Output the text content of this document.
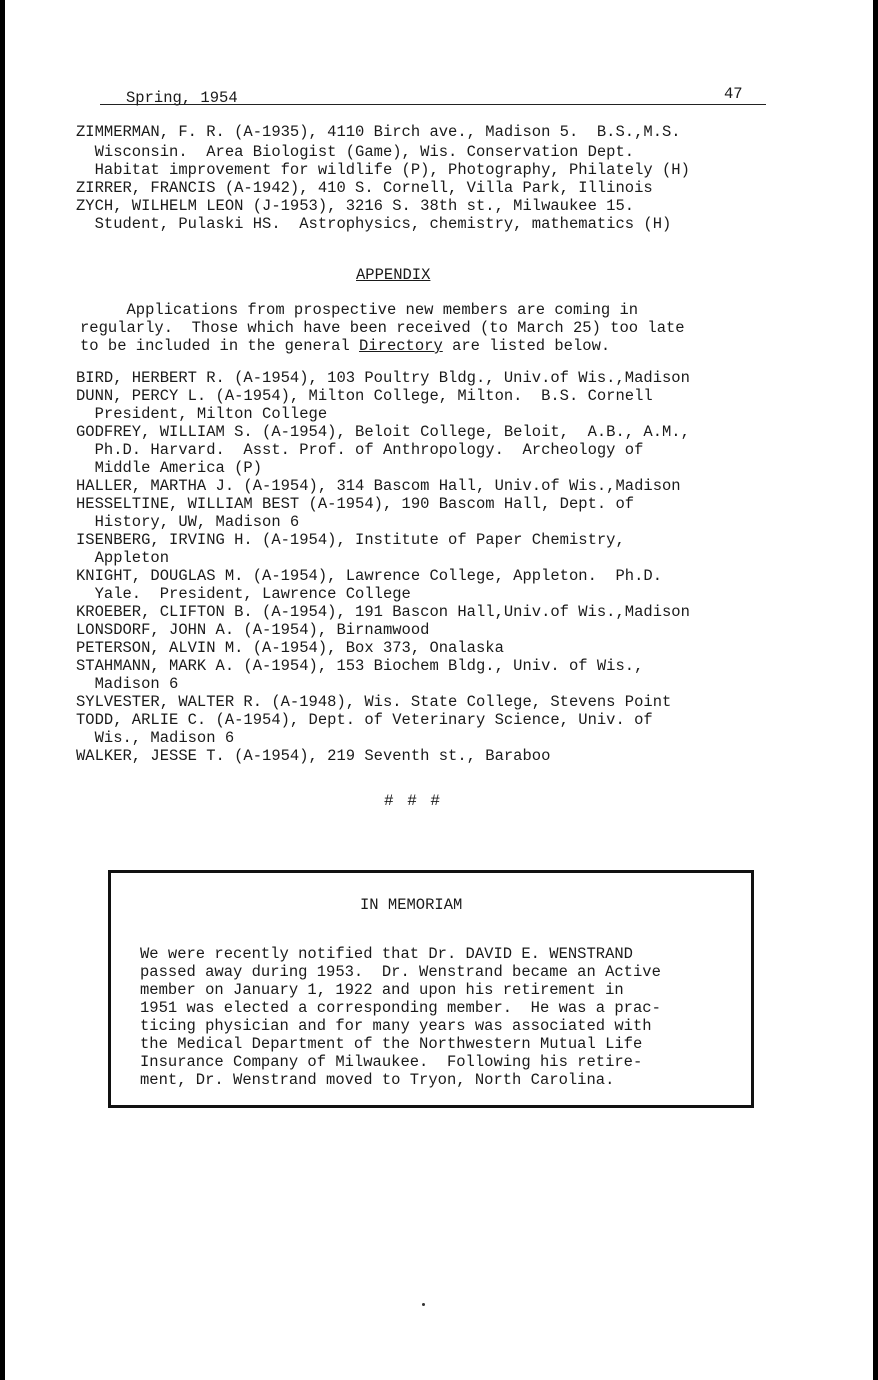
Spring, 1954	47
ZIMMERMAN, F. R. (A-1935), 4110 Birch ave., Madison 5.  B.S.,M.S.
Wisconsin.  Area Biologist (Game), Wis. Conservation Dept.
Habitat improvement for wildlife (P), Photography, Philately (H)
ZIRRER, FRANCIS (A-1942), 410 S. Cornell, Villa Park, Illinois
ZYCH, WILHELM LEON (J-1953), 3216 S. 38th st., Milwaukee 15.
Student, Pulaski HS.  Astrophysics, chemistry, mathematics (H)
APPENDIX
Applications from prospective new members are coming in
regularly.  Those which have been received (to March 25) too late
to be included in the general Directory are listed below.
BIRD, HERBERT R. (A-1954), 103 Poultry Bldg., Univ.of Wis.,Madison
DUNN, PERCY L. (A-1954), Milton College, Milton.  B.S. Cornell
President, Milton College
GODFREY, WILLIAM S. (A-1954), Beloit College, Beloit,  A.B., A.M.,
Ph.D. Harvard.  Asst. Prof. of Anthropology.  Archeology of
Middle America (P)
HALLER, MARTHA J. (A-1954), 314 Bascom Hall, Univ.of Wis.,Madison
HESSELTINE, WILLIAM BEST (A-1954), 190 Bascom Hall, Dept. of
History, UW, Madison 6
ISENBERG, IRVING H. (A-1954), Institute of Paper Chemistry,
Appleton
KNIGHT, DOUGLAS M. (A-1954), Lawrence College, Appleton.  Ph.D.
Yale.  President, Lawrence College
KROEBER, CLIFTON B. (A-1954), 191 Bascon Hall,Univ.of Wis.,Madison
LONSDORF, JOHN A. (A-1954), Birnamwood
PETERSON, ALVIN M. (A-1954), Box 373, Onalaska
STAHMANN, MARK A. (A-1954), 153 Biochem Bldg., Univ. of Wis.,
Madison 6
SYLVESTER, WALTER R. (A-1948), Wis. State College, Stevens Point
TODD, ARLIE C. (A-1954), Dept. of Veterinary Science, Univ. of
Wis., Madison 6
WALKER, JESSE T. (A-1954), 219 Seventh st., Baraboo
# # #
IN MEMORIAM
We were recently notified that Dr. DAVID E. WENSTRAND
passed away during 1953.  Dr. Wenstrand became an Active
member on January 1, 1922 and upon his retirement in
1951 was elected a corresponding member.  He was a prac-
ticing physician and for many years was associated with
the Medical Department of the Northwestern Mutual Life
Insurance Company of Milwaukee.  Following his retire-
ment, Dr. Wenstrand moved to Tryon, North Carolina.
